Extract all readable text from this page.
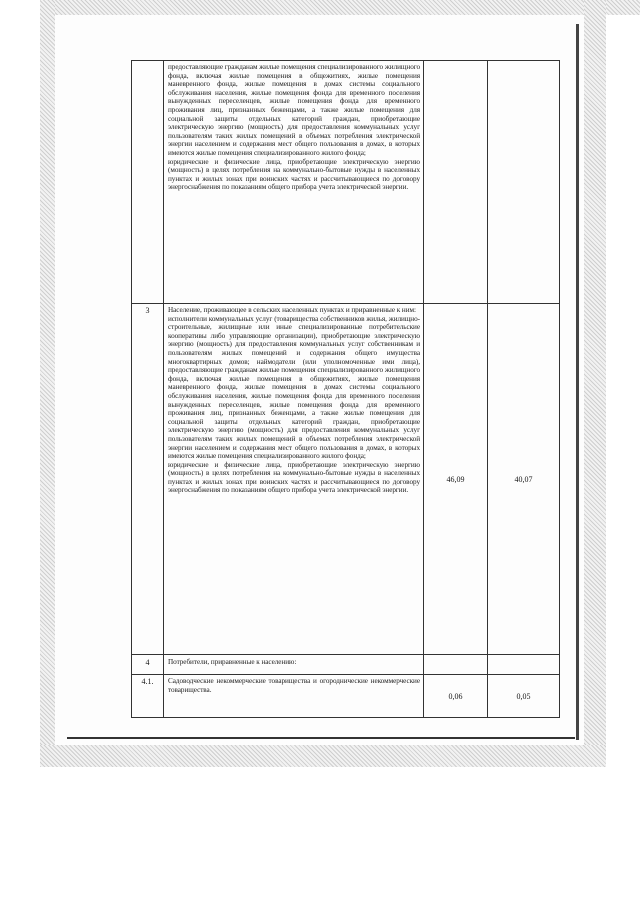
	предоставляющие гражданам жилые помещения специализированного жилищного фонда, включая жилые помещения в общежитиях, жилые помещения маневренного фонда, жилые помещения в домах системы социального обслуживания населения, жилые помещения фонда для временного поселения вынужденных переселенцев, жилые помещения фонда для временного проживания лиц, признанных беженцами, а также жилые помещения для социальной защиты отдельных категорий граждан, приобретающие электрическую энергию (мощность) для предоставления коммунальных услуг пользователям таких жилых помещений в объемах потребления электрической энергии населением и содержания мест общего пользования в домах, в которых имеются жилые помещения специализированного жилого фонда;

юридические и физические лица, приобретающие электрическую энергию (мощность) в целях потребления на коммунально-бытовые нужды в населенных пунктах и жилых зонах при воинских частях и рассчитывающиеся по договору энергоснабжения по показаниям общего прибора учета электрической энергии.		

3	Население, проживающее в сельских населенных пунктах и приравненные к ним:

исполнители коммунальных услуг (товарищества собственников жилья, жилищно-строительные, жилищные или иные специализированные потребительские кооперативы либо управляющие организации), приобретающие электрическую энергию (мощность) для предоставления коммунальных услуг собственникам и пользователям жилых помещений и содержания общего имущества многоквартирных домов; наймодатели (или уполномоченные ими лица), предоставляющие гражданам жилые помещения специализированного жилищного фонда, включая жилые помещения в общежитиях, жилые помещения маневренного фонда, жилые помещения в домах системы социального обслуживания населения, жилые помещения фонда для временного поселения вынужденных переселенцев, жилые помещения фонда для временного проживания лиц, признанных беженцами, а также жилые помещения для социальной защиты отдельных категорий граждан, приобретающие электрическую энергию (мощность) для предоставления коммунальных услуг пользователям таких жилых помещений в объемах потребления электрической энергии населением и содержания мест общего пользования в домах, в которых имеются жилые помещения специализированного жилого фонда;

юридические и физические лица, приобретающие электрическую энергию (мощность) в целях потребления на коммунально-бытовые нужды в населенных пунктах и жилых зонах при воинских частях и рассчитывающиеся по договору энергоснабжения по показаниям общего прибора учета электрической энергии.	46,09	40,07
4	Потребители, приравненные к населению:		
4.1.	Садоводческие некоммерческие товарищества и огороднические некоммерческие товарищества.	0,06	0,05
